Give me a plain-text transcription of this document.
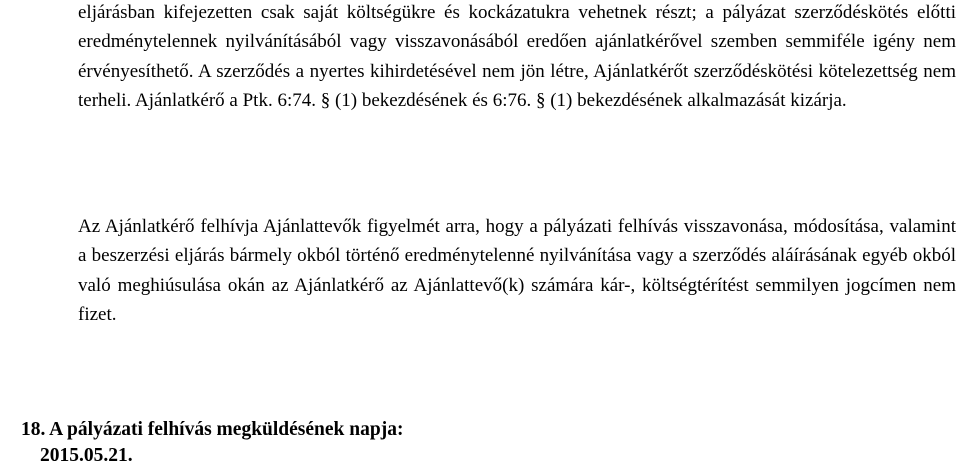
eljárásban kifejezetten csak saját költségükre és kockázatukra vehetnek részt; a pályázat szerződéskötés előtti eredménytelennek nyilvánításából vagy visszavonásából eredően ajánlatkérővel szemben semmiféle igény nem érvényesíthető. A szerződés a nyertes kihirdetésével nem jön létre, Ajánlatkérőt szerződéskötési kötelezettség nem terheli. Ajánlatkérő a Ptk. 6:74. § (1) bekezdésének és 6:76. § (1) bekezdésének alkalmazását kizárja.

Az Ajánlatkérő felhívja Ajánlattevők figyelmét arra, hogy a pályázati felhívás visszavonása, módosítása, valamint a beszerzési eljárás bármely okból történő eredménytelenné nyilvánítása vagy a szerződés aláírásának egyéb okból való meghiúsulása okán az Ajánlatkérő az Ajánlattevő(k) számára kár-, költségtérítést semmilyen jogcímen nem fizet.

18. A pályázati felhívás megküldésének napja:
2015.05.21.
